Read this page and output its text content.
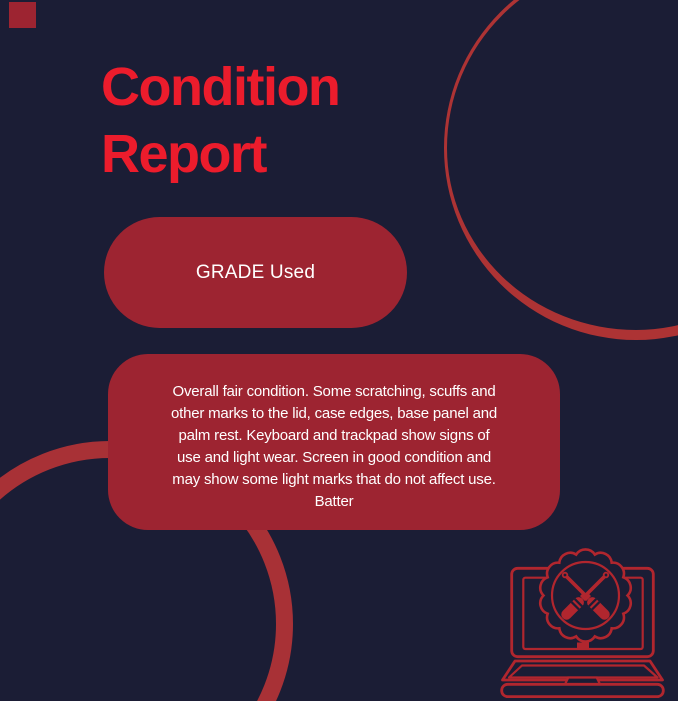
Condition
Report
GRADE Used
Overall fair condition. Some scratching, scuffs and
other marks to the lid, case edges, base panel and
palm rest. Keyboard and trackpad show signs of
use and light wear. Screen in good condition and
may show some light marks that do not affect use.
Batter
